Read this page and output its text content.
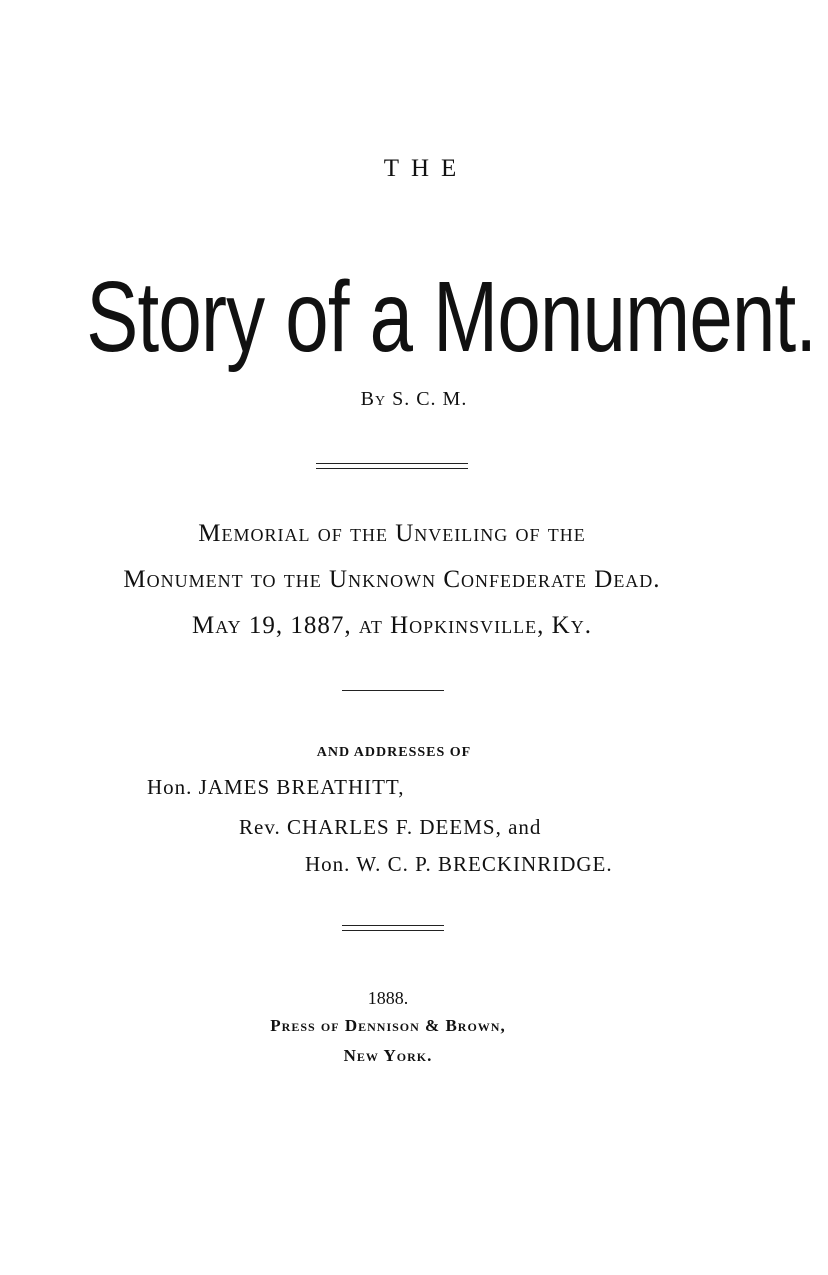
THE
Story of a Monument.
By S. C. M.
Memorial of the Unveiling of the
Monument to the Unknown Confederate Dead.
May 19, 1887, at Hopkinsville, Ky.
AND ADDRESSES OF
Hon. JAMES BREATHITT,
Rev. CHARLES F. DEEMS, and
Hon. W. C. P. BRECKINRIDGE.
1888.
Press of Dennison & Brown,
New York.
